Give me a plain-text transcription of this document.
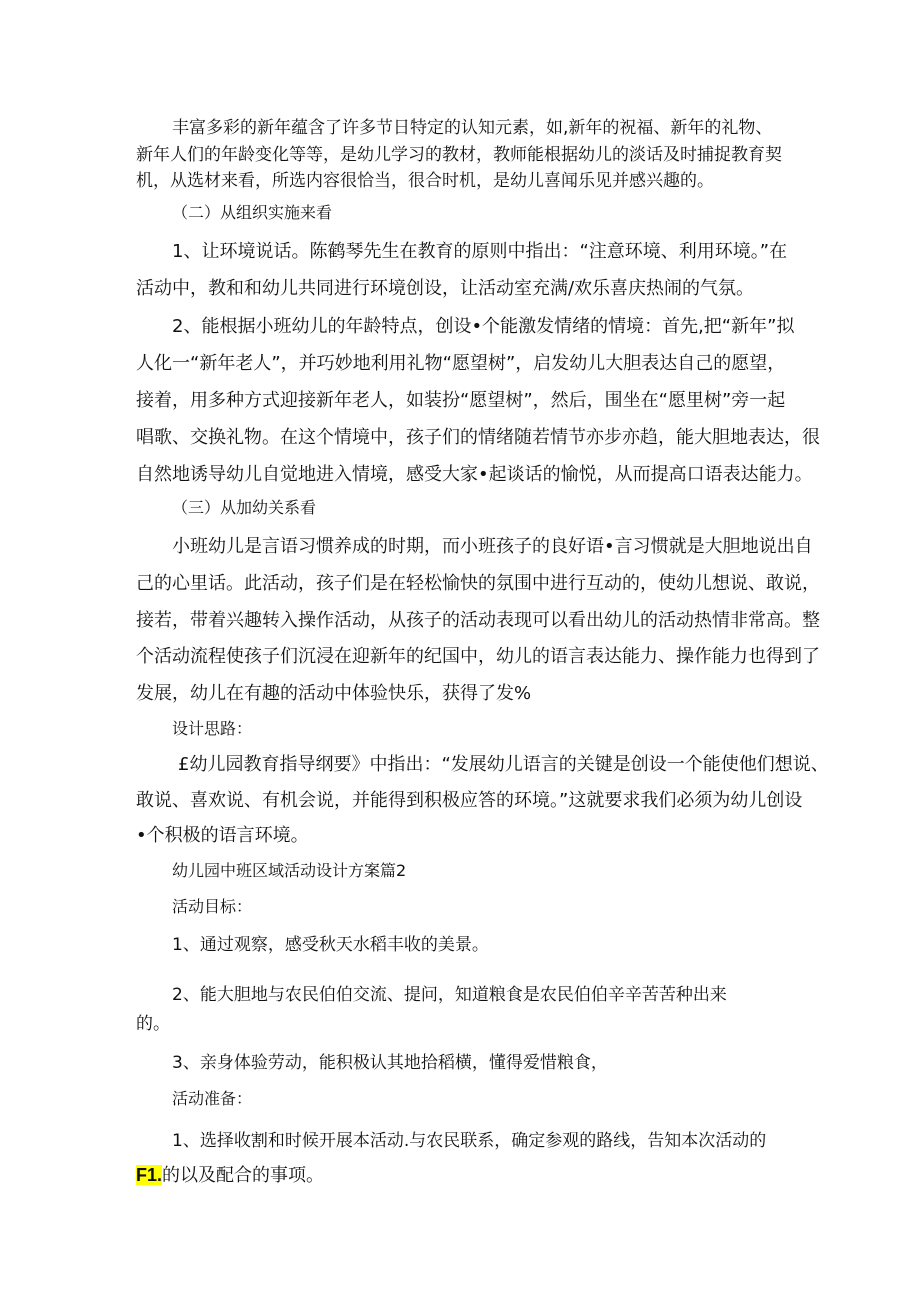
丰富多彩的新年蕴含了许多节日特定的认知元素，如,新年的祝福、新年的礼物、

新年人们的年龄变化等等，是幼儿学习的教材，教师能根据幼儿的淡话及时捕捉教育契

机，从选材来看，所选内容很恰当，很合时机，是幼儿喜闻乐见并感兴趣的。

（二）从组织实施来看

1、让环境说话。陈鹤琴先生在教育的原则中指出：“注意环境、利用环境。”在

活动中，教和和幼儿共同进行环境创设，让活动室充满/欢乐喜庆热闹的气氛。

2、能根据小班幼儿的年龄特点，创设•个能激发情绪的情境：首先,把“新年”拟

人化一“新年老人”，并巧妙地利用礼物“愿望树”，启发幼儿大胆表达自己的愿望，

接着，用多种方式迎接新年老人，如装扮“愿望树”，然后，围坐在“愿里树”旁一起

唱歌、交换礼物。在这个情境中，孩子们的情绪随若情节亦步亦趋，能大胆地表达，很

自然地诱导幼儿自觉地进入情境，感受大家•起谈话的愉悦，从而提高口语表达能力。

（三）从加幼关系看

小班幼儿是言语习惯养成的时期，而小班孩子的良好语•言习惯就是大胆地说出自

己的心里话。此活动，孩子们是在轻松愉快的氛围中进行互动的，使幼儿想说、敢说，

接若，带着兴趣转入操作活动，从孩子的活动表现可以看出幼儿的活动热情非常高。整

个活动流程使孩子们沉浸在迎新年的纪国中，幼儿的语言表达能力、操作能力也得到了

发展，幼儿在有趣的活动中体验快乐，获得了发%

设计思路：

£幼儿园教育指导纲要》中指出：“发展幼儿语言的关键是创设一个能使他们想说、

敢说、喜欢说、有机会说，并能得到积极应答的环境。”这就要求我们必须为幼儿创设

•个积极的语言环境。

幼儿园中班区域活动设计方案篇2

活动目标：

1、通过观察，感受秋天水稻丰收的美景。

2、能大胆地与农民伯伯交流、提问，知道粮食是农民伯伯辛辛苦苦种出来

的。

3、亲身体验劳动，能积极认其地拾稻横，懂得爱惜粮食，

活动准备：

1、选择收割和时候开展本活动.与农民联系，确定参观的路线，告知本次活动的

F1.的以及配合的事项。
